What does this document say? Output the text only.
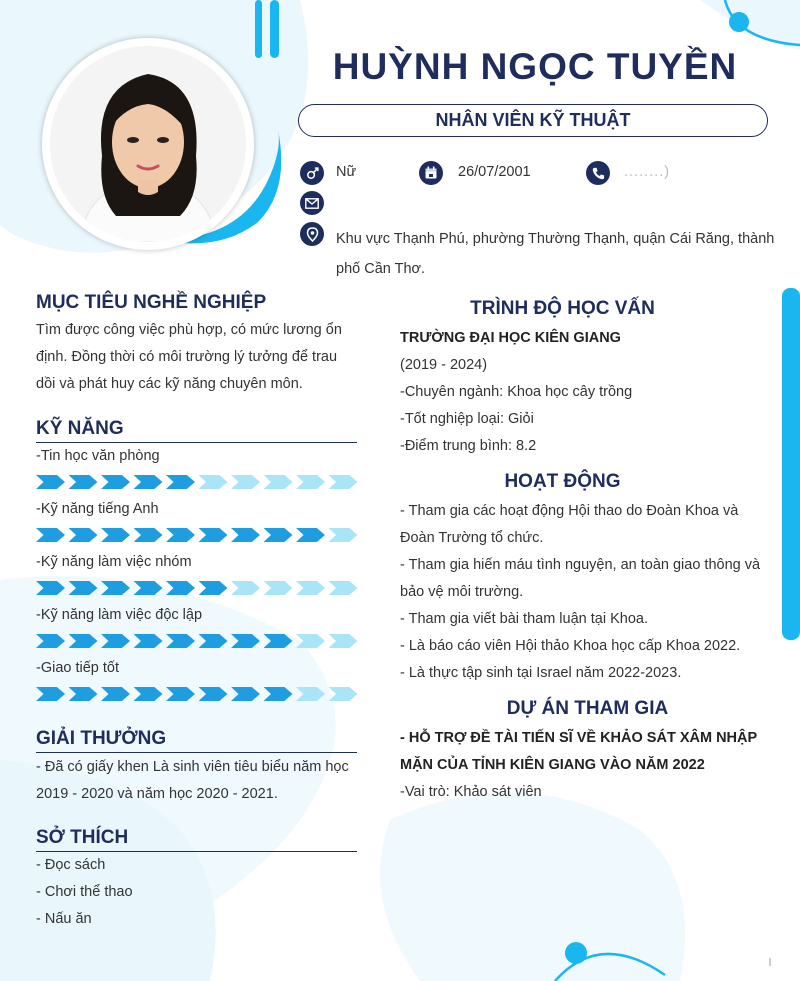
HUỲNH NGỌC TUYỀN
NHÂN VIÊN KỸ THUẬT
Nữ	26/07/2001	........)
Khu vực Thạnh Phú, phường Thường Thạnh, quận Cái Răng, thành
phố Cần Thơ.
MỤC TIÊU NGHỀ NGHIỆP
Tìm được công việc phù hợp, có mức lương ổn
định. Đồng thời có môi trường lý tưởng để trau
dồi và phát huy các kỹ năng chuyên môn.
KỸ NĂNG
-Tin học văn phòng
-Kỹ năng tiếng Anh
-Kỹ năng làm việc nhóm
-Kỹ năng làm việc độc lập
-Giao tiếp tốt
GIẢI THƯỞNG
- Đã có giấy khen Là sinh viên tiêu biểu năm học
2019 - 2020 và năm học 2020 - 2021.
SỞ THÍCH
- Đọc sách
- Chơi thể thao
- Nấu ăn
TRÌNH ĐỘ HỌC VẤN
TRƯỜNG ĐẠI HỌC KIÊN GIANG
(2019 - 2024)
-Chuyên ngành: Khoa học cây trồng
-Tốt nghiệp loại: Giỏi
-Điểm trung bình: 8.2
HOẠT ĐỘNG
- Tham gia các hoạt động Hội thao do Đoàn Khoa và
Đoàn Trường tổ chức.
- Tham gia hiến máu tình nguyện, an toàn giao thông và
bảo vệ môi trường.
- Tham gia viết bài tham luận tại Khoa.
- Là báo cáo viên Hội thảo Khoa học cấp Khoa 2022.
- Là thực tập sinh tại Israel năm 2022-2023.
DỰ ÁN THAM GIA
- HỖ TRỢ ĐỀ TÀI TIẾN SĨ VỀ KHẢO SÁT XÂM NHẬP
MẶN CỦA TỈNH KIÊN GIANG VÀO NĂM 2022
-Vai trò: Khảo sát viên
